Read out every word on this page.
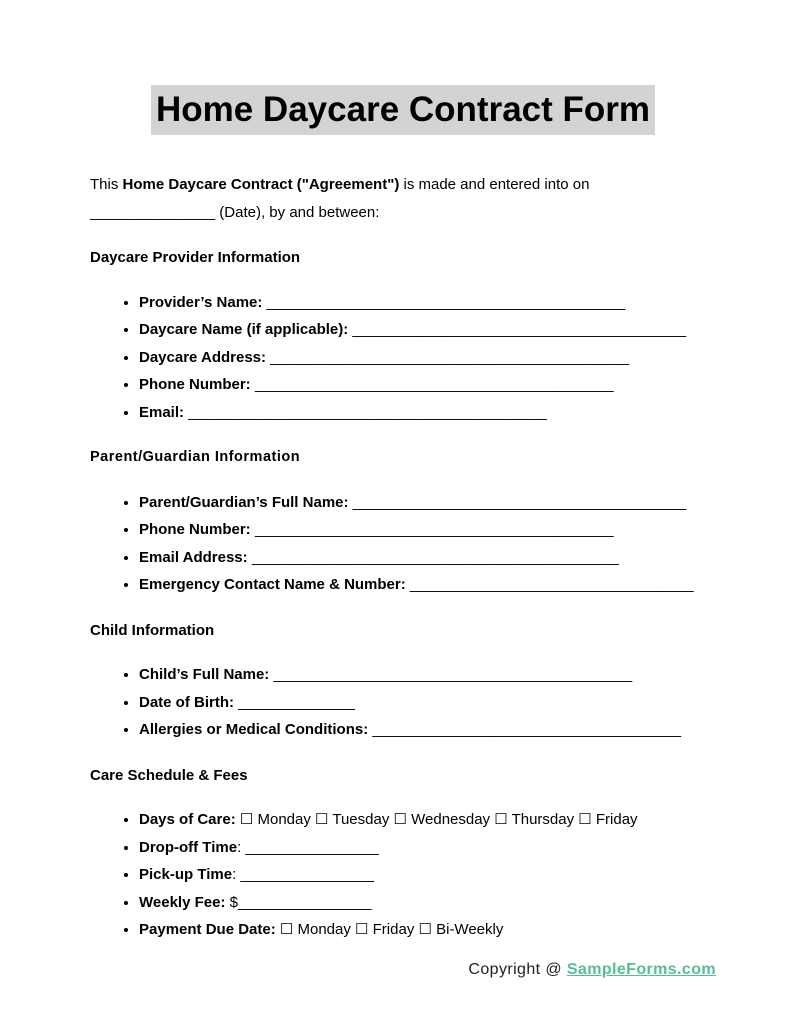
Home Daycare Contract Form

This Home Daycare Contract ("Agreement") is made and entered into on
_______________ (Date), by and between:

Daycare Provider Information
• Provider’s Name: ___________________________________________
• Daycare Name (if applicable): ________________________________________
• Daycare Address: ___________________________________________
• Phone Number: ___________________________________________
• Email: ___________________________________________
Parent/Guardian Information
• Parent/Guardian’s Full Name: ________________________________________
• Phone Number: ___________________________________________
• Email Address: ____________________________________________
• Emergency Contact Name & Number: __________________________________
Child Information
• Child’s Full Name: ___________________________________________
• Date of Birth: ______________
• Allergies or Medical Conditions: _____________________________________
Care Schedule & Fees
• Days of Care: ☐ Monday ☐ Tuesday ☐ Wednesday ☐ Thursday ☐ Friday
• Drop-off Time: ________________
• Pick-up Time: ________________
• Weekly Fee: $________________
• Payment Due Date: ☐ Monday ☐ Friday ☐ Bi-Weekly
Copyright @ SampleForms.com
